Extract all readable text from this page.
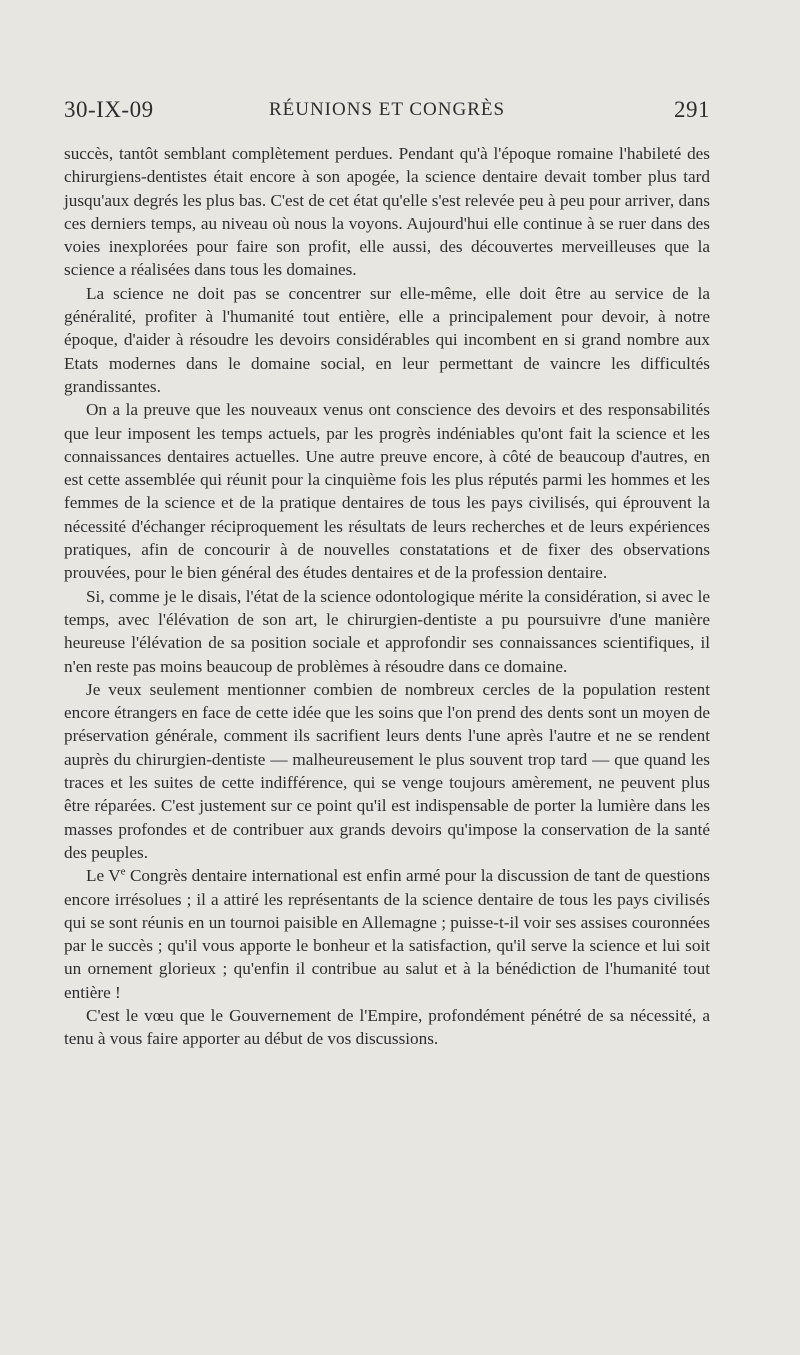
30-IX-09	RÉUNIONS ET CONGRÈS	291

succès, tantôt semblant complètement perdues. Pendant qu'à l'époque romaine l'habileté des chirurgiens-dentistes était encore à son apogée, la science dentaire devait tomber plus tard jusqu'aux degrés les plus bas. C'est de cet état qu'elle s'est relevée peu à peu pour arriver, dans ces derniers temps, au niveau où nous la voyons. Aujourd'hui elle continue à se ruer dans des voies inexplorées pour faire son profit, elle aussi, des découvertes merveilleuses que la science a réalisées dans tous les domaines.

La science ne doit pas se concentrer sur elle-même, elle doit être au service de la généralité, profiter à l'humanité tout entière, elle a principalement pour devoir, à notre époque, d'aider à résoudre les devoirs considérables qui incombent en si grand nombre aux Etats modernes dans le domaine social, en leur permettant de vaincre les difficultés grandissantes.

On a la preuve que les nouveaux venus ont conscience des devoirs et des responsabilités que leur imposent les temps actuels, par les progrès indéniables qu'ont fait la science et les connaissances dentaires actuelles. Une autre preuve encore, à côté de beaucoup d'autres, en est cette assemblée qui réunit pour la cinquième fois les plus réputés parmi les hommes et les femmes de la science et de la pratique dentaires de tous les pays civilisés, qui éprouvent la nécessité d'échanger réciproquement les résultats de leurs recherches et de leurs expériences pratiques, afin de concourir à de nouvelles constatations et de fixer des observations prouvées, pour le bien général des études dentaires et de la profession dentaire.

Si, comme je le disais, l'état de la science odontologique mérite la considération, si avec le temps, avec l'élévation de son art, le chirurgien-dentiste a pu poursuivre d'une manière heureuse l'élévation de sa position sociale et approfondir ses connaissances scientifiques, il n'en reste pas moins beaucoup de problèmes à résoudre dans ce domaine.

Je veux seulement mentionner combien de nombreux cercles de la population restent encore étrangers en face de cette idée que les soins que l'on prend des dents sont un moyen de préservation générale, comment ils sacrifient leurs dents l'une après l'autre et ne se rendent auprès du chirurgien-dentiste — malheureusement le plus souvent trop tard — que quand les traces et les suites de cette indifférence, qui se venge toujours amèrement, ne peuvent plus être réparées. C'est justement sur ce point qu'il est indispensable de porter la lumière dans les masses profondes et de contribuer aux grands devoirs qu'impose la conservation de la santé des peuples.

Le Ve Congrès dentaire international est enfin armé pour la discussion de tant de questions encore irrésolues ; il a attiré les représentants de la science dentaire de tous les pays civilisés qui se sont réunis en un tournoi paisible en Allemagne ; puisse-t-il voir ses assises couronnées par le succès ; qu'il vous apporte le bonheur et la satisfaction, qu'il serve la science et lui soit un ornement glorieux ; qu'enfin il contribue au salut et à la bénédiction de l'humanité tout entière !

C'est le vœu que le Gouvernement de l'Empire, profondément pénétré de sa nécessité, a tenu à vous faire apporter au début de vos discussions.
